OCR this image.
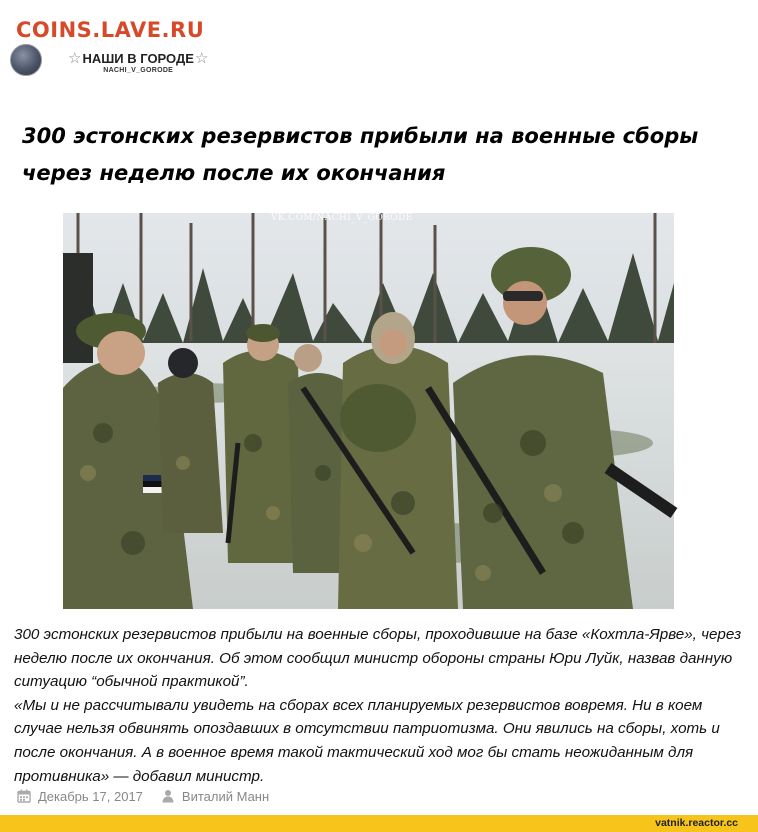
COINS.LAVE.RU
☆ НАШИ В ГОРОДЕ ☆
NACHI_V_GORODE
300 эстонских резервистов прибыли на военные сборы через неделю после их окончания
VK.COM/NACHI_V_GORODE

300 эстонских резервистов прибыли на военные сборы, проходившие на базе «Кохтла-Ярве», через неделю после их окончания. Об этом сообщил министр обороны страны Юри Луйк, назвав данную ситуацию “обычной практикой”.

«Мы и не рассчитывали увидеть на сборах всех планируемых резервистов вовремя. Ни в коем случае нельзя обвинять опоздавших в отсутствии патриотизма. Они явились на сборы, хоть и после окончания. А в военное время такой тактический ход мог бы стать неожиданным для противника» — добавил министр.

Декабрь 17, 2017	Виталий Манн
vatnik.reactor.cc
